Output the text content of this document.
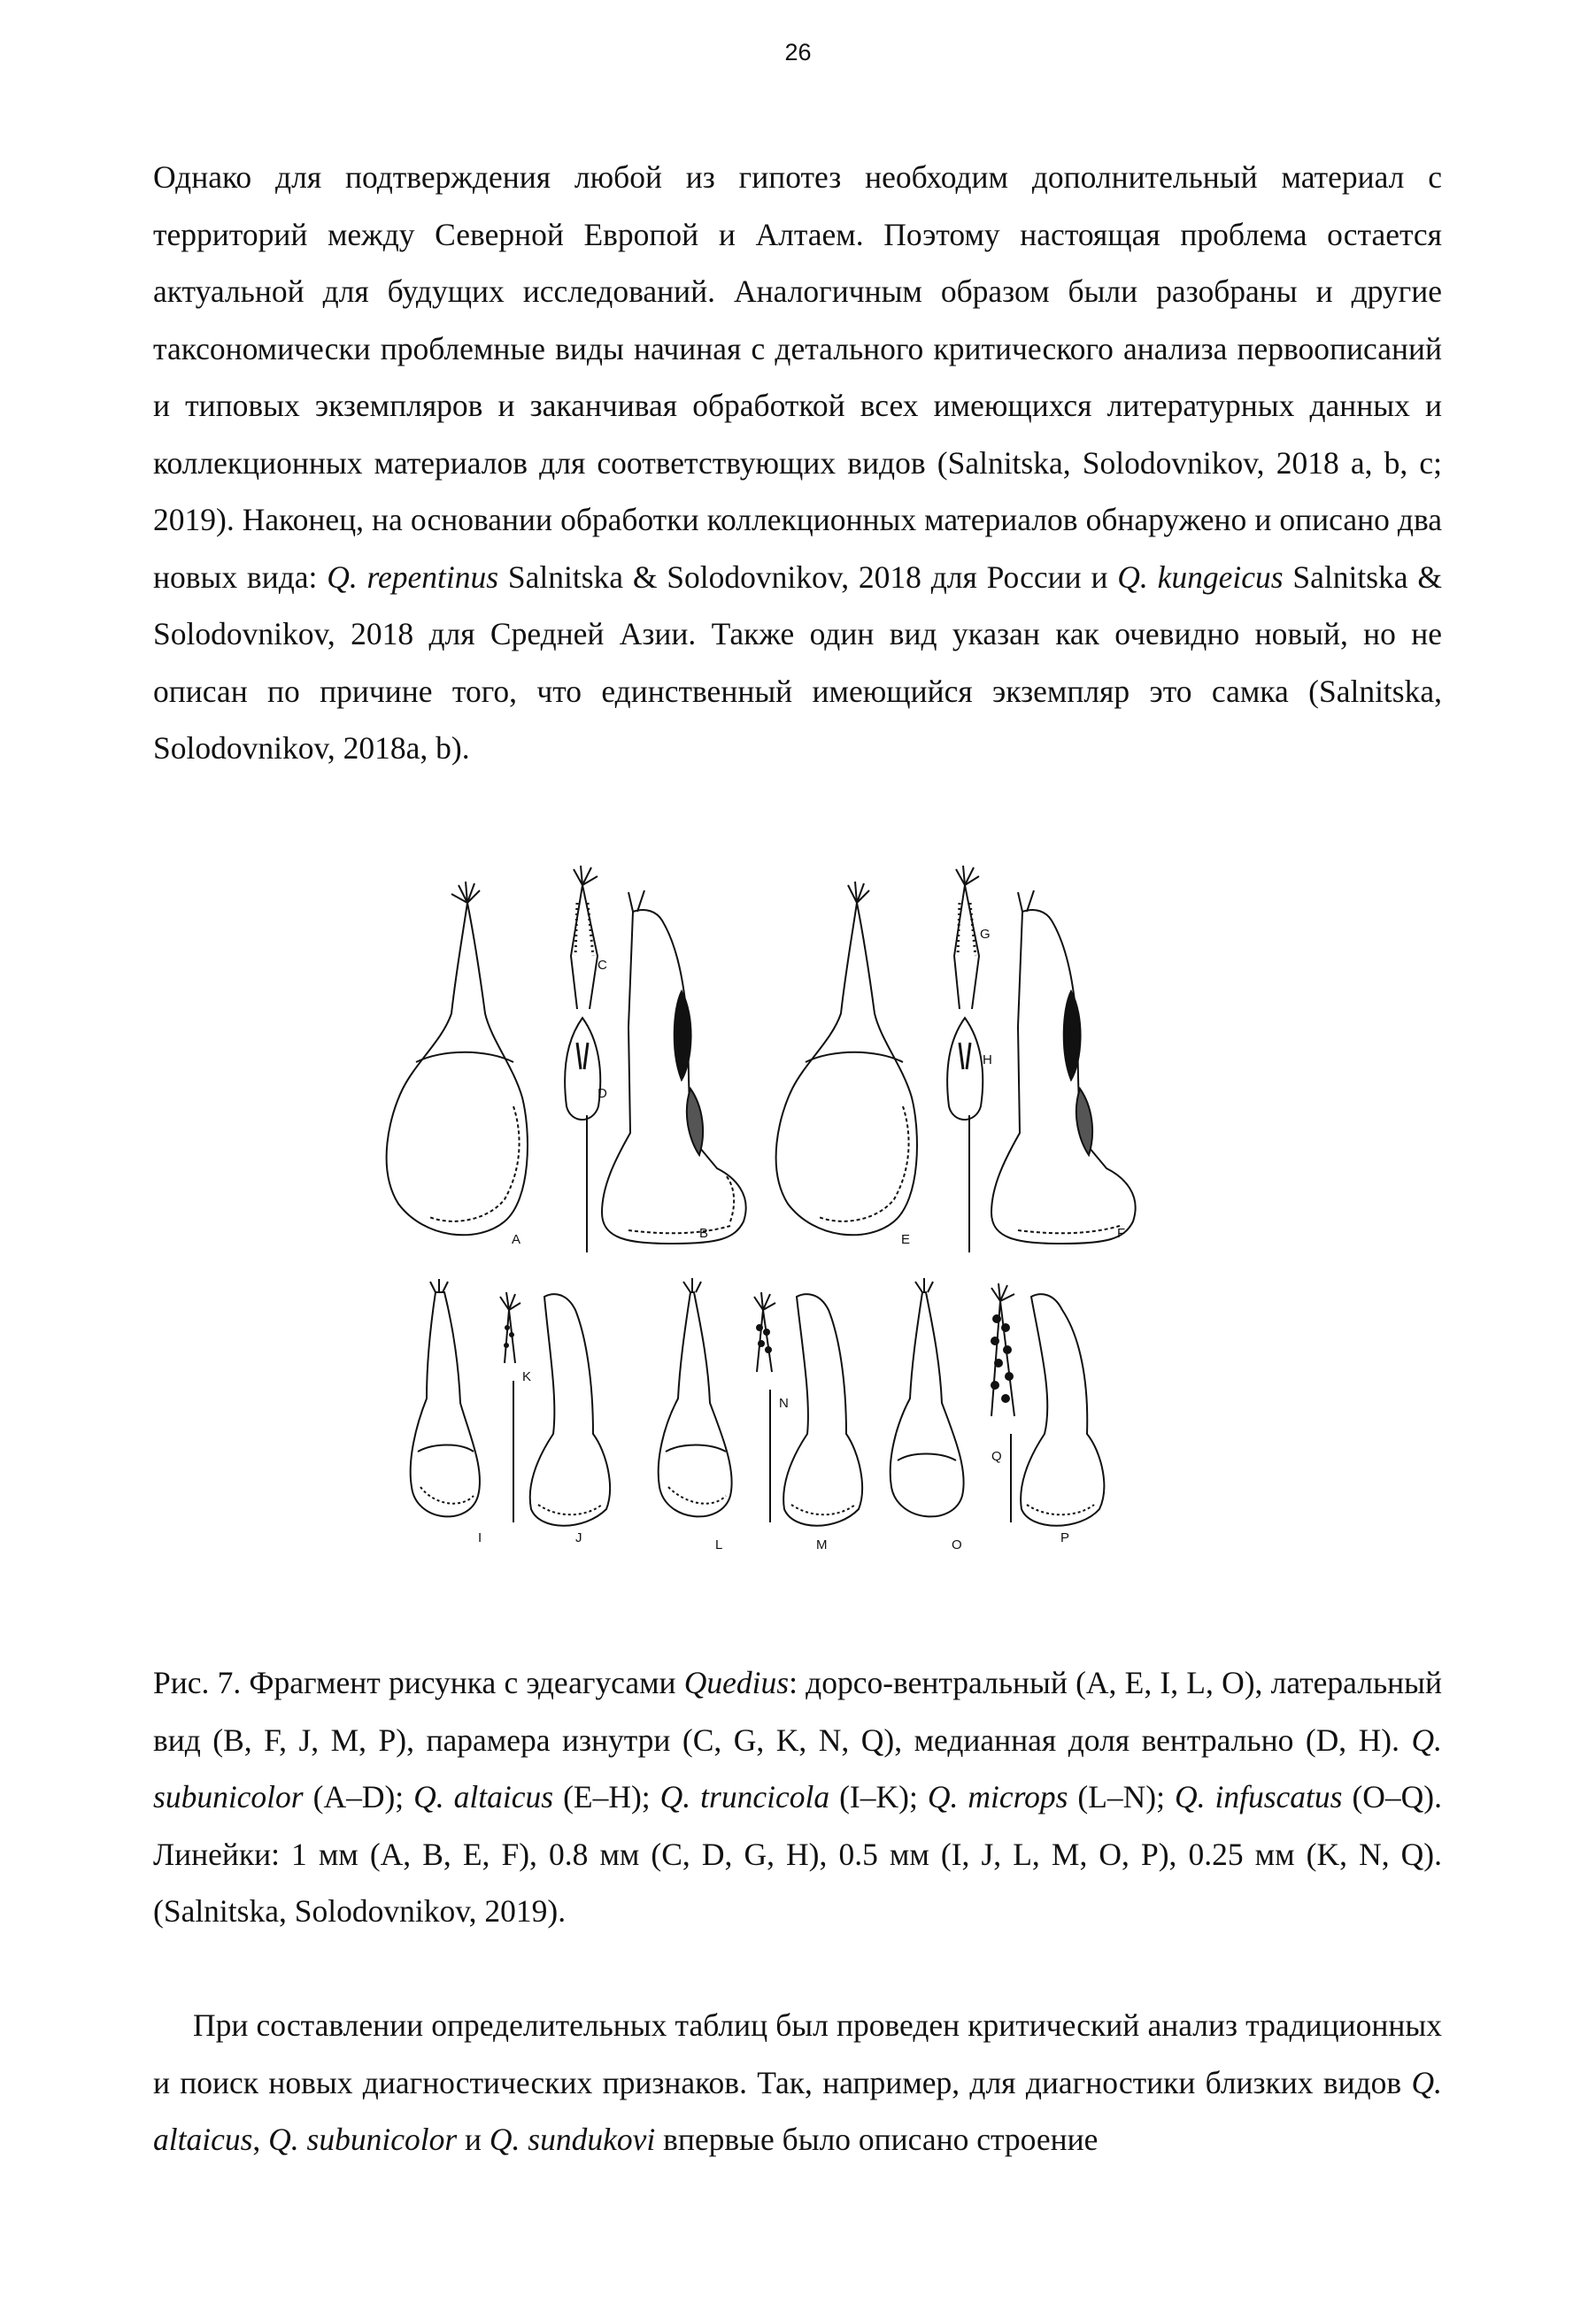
26

Однако для подтверждения любой из гипотез необходим дополнительный материал с территорий между Северной Европой и Алтаем. Поэтому настоящая проблема остается актуальной для будущих исследований. Аналогичным образом были разобраны и другие таксономически проблемные виды начиная с детального критического анализа первоописаний и типовых экземпляров и заканчивая обработкой всех имеющихся литературных данных и коллекционных материалов для соответствующих видов (Salnitska, Solodovnikov, 2018 a, b, c; 2019). Наконец, на основании обработки коллекционных материалов обнаружено и описано два новых вида: Q. repentinus Salnitska & Solodovnikov, 2018 для России и Q. kungeicus Salnitska & Solodovnikov, 2018 для Средней Азии. Также один вид указан как очевидно новый, но не описан по причине того, что единственный имеющийся экземпляр это самка (Salnitska, Solodovnikov, 2018a, b).

A	B
C
D
E	F
G
H
I	J
K
L	M
N
O	P
Q

Рис. 7. Фрагмент рисунка с эдеагусами Quedius: дорсо-вентральный (A, E, I, L, O), латеральный вид (B, F, J, M, P), парамера изнутри (C, G, K, N, Q), медианная доля вентрально (D, H). Q. subunicolor (A–D); Q. altaicus (E–H); Q. truncicola (I–K); Q. microps (L–N); Q. infuscatus (O–Q). Линейки: 1 мм (A, B, E, F), 0.8 мм (C, D, G, H), 0.5 мм (I, J, L, M, O, P), 0.25 мм (K, N, Q). (Salnitska, Solodovnikov, 2019).

При составлении определительных таблиц был проведен критический анализ традиционных и поиск новых диагностических признаков. Так, например, для диагностики близких видов Q. altaicus, Q. subunicolor и Q. sundukovi впервые было описано строение
